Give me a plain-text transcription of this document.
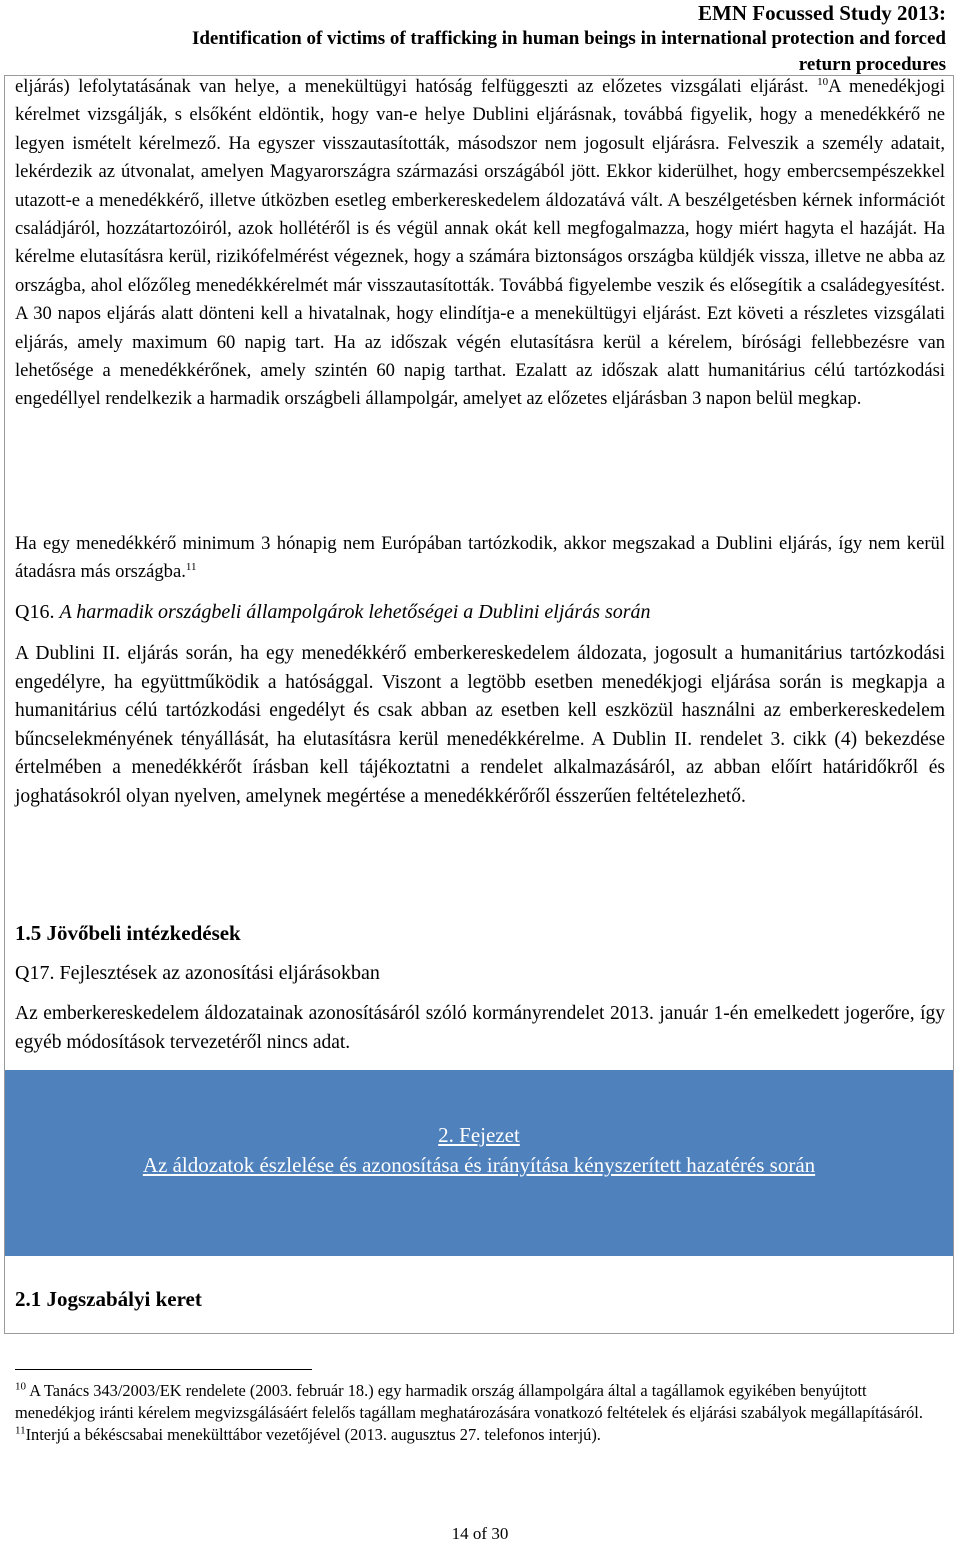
EMN Focussed Study 2013:
Identification of victims of trafficking in human beings in international protection and forced
return procedures
eljárás) lefolytatásának van helye, a menekültügyi hatóság felfüggeszti az előzetes vizsgálati eljárást. $^{10}$A menedékjogi kérelmet vizsgálják, s elsőként eldöntik, hogy van-e helye Dublini eljárásnak, továbbá figyelik, hogy a menedékkérő ne legyen ismételt kérelmező. Ha egyszer visszautasították, másodszor nem jogosult eljárásra. Felveszik a személy adatait, lekérdezik az útvonalat, amelyen Magyarországra származási országából jött. Ekkor kiderülhet, hogy embercsempészekkel utazott-e a menedékkérő, illetve útközben esetleg emberkereskedelem áldozatává vált. A beszélgetésben kérnek információt családjáról, hozzátartozóiról, azok hollétéről is és végül annak okát kell megfogalmazza, hogy miért hagyta el hazáját. Ha kérelme elutasításra kerül, rizikófelmérést végeznek, hogy a számára biztonságos országba küldjék vissza, illetve ne abba az országba, ahol előzőleg menedékkérelmét már visszautasították. Továbbá figyelembe veszik és elősegítik a családegyesítést. A 30 napos eljárás alatt dönteni kell a hivatalnak, hogy elindítja-e a menekültügyi eljárást. Ezt követi a részletes vizsgálati eljárás, amely maximum 60 napig tart. Ha az időszak végén elutasításra kerül a kérelem, bírósági fellebbezésre van lehetősége a menedékkérőnek, amely szintén 60 napig tarthat. Ezalatt az időszak alatt humanitárius célú tartózkodási engedéllyel rendelkezik a harmadik országbeli állampolgár, amelyet az előzetes eljárásban 3 napon belül megkap.
Ha egy menedékkérő minimum 3 hónapig nem Európában tartózkodik, akkor megszakad a Dublini eljárás, így nem kerül átadásra más országba.$^{11}$
Q16. A harmadik országbeli állampolgárok lehetőségei a Dublini eljárás során
A Dublini II. eljárás során, ha egy menedékkérő emberkereskedelem áldozata, jogosult a humanitárius tartózkodási engedélyre, ha együttműködik a hatósággal. Viszont a legtöbb esetben menedékjogi eljárása során is megkapja a humanitárius célú tartózkodási engedélyt és csak abban az esetben kell eszközül használni az emberkereskedelem bűncselekményének tényállását, ha elutasításra kerül menedékkérelme. A Dublin II. rendelet 3. cikk (4) bekezdése értelmében a menedékkérőt írásban kell tájékoztatni a rendelet alkalmazásáról, az abban előírt határidőkről és joghatásokról olyan nyelven, amelynek megértése a menedékkérőről ésszerűen feltételezhető.
1.5 Jövőbeli intézkedések
Q17. Fejlesztések az azonosítási eljárásokban
Az emberkereskedelem áldozatainak azonosításáról szóló kormányrendelet 2013. január 1-én emelkedett jogerőre, így egyéb módosítások tervezetéről nincs adat.
2. Fejezet
Az áldozatok észlelése és azonosítása és irányítása kényszerített hazatérés során
2.1 Jogszabályi keret

$^{10}$ A Tanács 343/2003/EK rendelete (2003. február 18.) egy harmadik ország állampolgára által a tagállamok egyikében benyújtott menedékjog iránti kérelem megvizsgálásáért felelős tagállam meghatározására vonatkozó feltételek és eljárási szabályok megállapításáról.

$^{11}$Interjú a békéscsabai menekülttábor vezetőjével (2013. augusztus 27. telefonos interjú).

14 of 30
